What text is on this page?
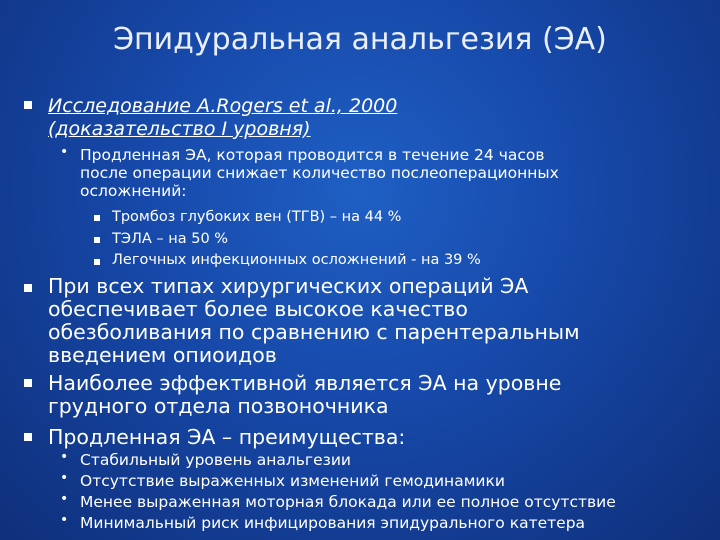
Эпидуральная анальгезия (ЭА)
Исследование A.Rogers et al., 2000
(доказательство I уровня)
• Продленная ЭА, которая проводится в течение 24 часов
после операции снижает количество послеоперационных
осложнений:
Тромбоз глубоких вен (ТГВ) – на 44 %
ТЭЛА – на 50 %
Легочных инфекционных осложнений - на 39 %
При всех типах хирургических операций ЭА
обеспечивает более высокое качество
обезболивания по сравнению с парентеральным
введением опиоидов
Наиболее эффективной является ЭА на уровне
грудного отдела позвоночника
Продленная ЭА – преимущества:
• Стабильный уровень анальгезии
• Отсутствие выраженных изменений гемодинамики
• Менее выраженная моторная блокада или ее полное отсутствие
• Минимальный риск инфицирования эпидурального катетера
